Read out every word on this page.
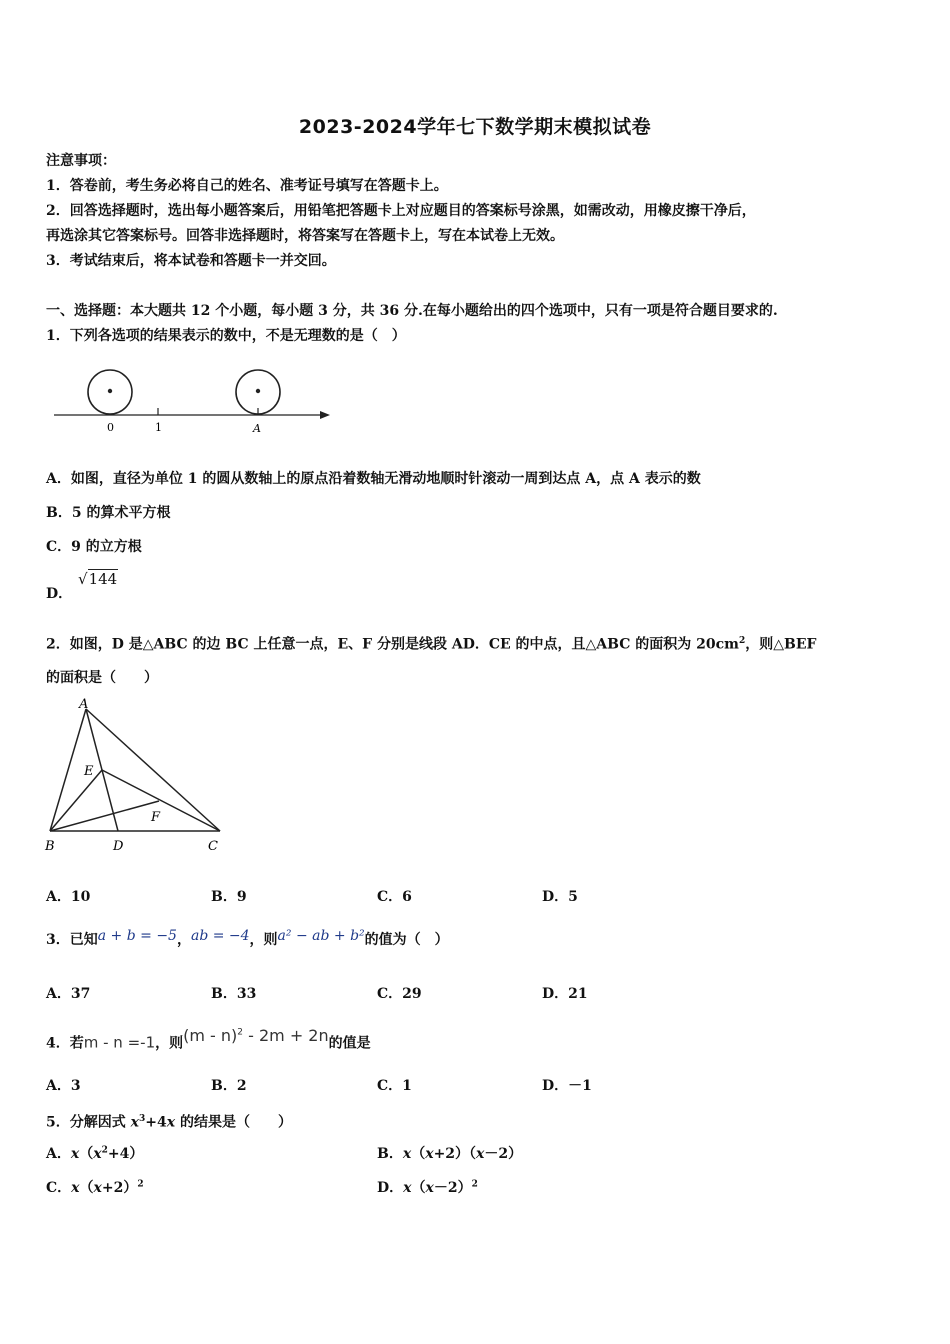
2023-2024学年七下数学期末模拟试卷
注意事项：
1．答卷前，考生务必将自己的姓名、准考证号填写在答题卡上。
2．回答选择题时，选出每小题答案后，用铅笔把答题卡上对应题目的答案标号涂黑，如需改动，用橡皮擦干净后，
再选涂其它答案标号。回答非选择题时，将答案写在答题卡上，写在本试卷上无效。
3．考试结束后，将本试卷和答题卡一并交回。
一、选择题：本大题共 12 个小题，每小题 3 分，共 36 分.在每小题给出的四个选项中，只有一项是符合题目要求的.
1．下列各选项的结果表示的数中，不是无理数的是（　）
0	1	A
A．如图，直径为单位 1 的圆从数轴上的原点沿着数轴无滑动地顺时针滚动一周到达点 A，点 A 表示的数
B．5 的算术平方根
C．9 的立方根
D．
√144
2．如图，D 是△ABC 的边 BC 上任意一点，E、F 分别是线段 AD．CE 的中点，且△ABC 的面积为 $20cm^2$，则△BEF
的面积是（　　）
A
E
F
B	D	C
A．10	B．9	C．6	D．5
3．已知a + b = −5，ab = −4，则a² − ab + b²的值为（　）
A．37	B．33	C．29	D．21
4．若m - n =-1，则(m - n)$^2$ - 2m + 2n的值是
A．3	B．2	C．1	D．－1
5．分解因式 $x^3+4x$ 的结果是（　　）
A．$x(x^2+4)$	B．x（x+2）（x－2）
C．$x(x+2)^2$	D．$x(x-2)^2$
